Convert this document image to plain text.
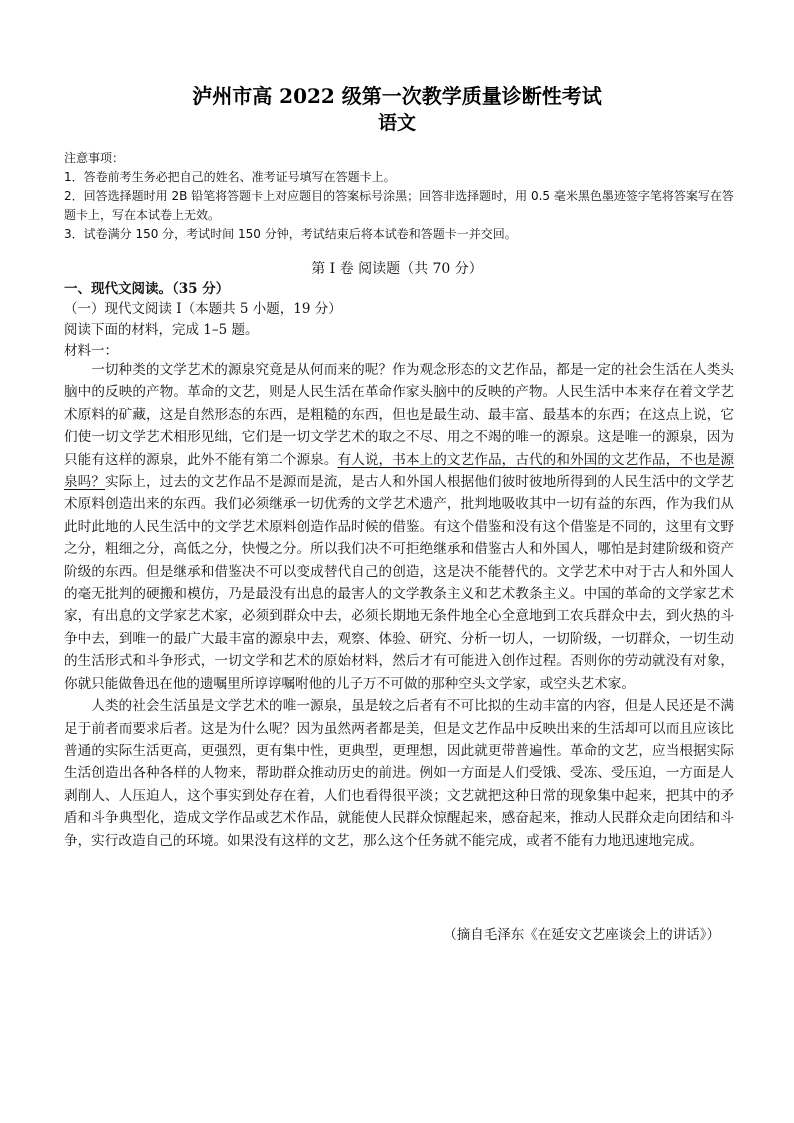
泸州市高 2022 级第一次教学质量诊断性考试
语文

注意事项：

1．答卷前考生务必把自己的姓名、准考证号填写在答题卡上。

2．回答选择题时用 2B 铅笔将答题卡上对应题目的答案标号涂黑；回答非选择题时，用 0.5 毫米黑色墨迹签字笔将答案写在答题卡上，写在本试卷上无效。

3．试卷满分 150 分，考试时间 150 分钟，考试结束后将本试卷和答题卡一并交回。

第 I 卷 阅读题（共 70 分）
一、现代文阅读。（35 分）
（一）现代文阅读 I（本题共 5 小题，19 分）
阅读下面的材料，完成 1–5 题。
材料一：

一切种类的文学艺术的源泉究竟是从何而来的呢？作为观念形态的文艺作品，都是一定的社会生活在人类头脑中的反映的产物。革命的文艺，则是人民生活在革命作家头脑中的反映的产物。人民生活中本来存在着文学艺术原料的矿藏，这是自然形态的东西，是粗糙的东西，但也是最生动、最丰富、最基本的东西；在这点上说，它们使一切文学艺术相形见绌，它们是一切文学艺术的取之不尽、用之不竭的唯一的源泉。这是唯一的源泉，因为只能有这样的源泉，此外不能有第二个源泉。有人说，书本上的文艺作品，古代的和外国的文艺作品，不也是源泉吗？实际上，过去的文艺作品不是源而是流，是古人和外国人根据他们彼时彼地所得到的人民生活中的文学艺术原料创造出来的东西。我们必须继承一切优秀的文学艺术遗产，批判地吸收其中一切有益的东西，作为我们从此时此地的人民生活中的文学艺术原料创造作品时候的借鉴。有这个借鉴和没有这个借鉴是不同的，这里有文野之分，粗细之分，高低之分，快慢之分。所以我们决不可拒绝继承和借鉴古人和外国人，哪怕是封建阶级和资产阶级的东西。但是继承和借鉴决不可以变成替代自己的创造，这是决不能替代的。文学艺术中对于古人和外国人的毫无批判的硬搬和模仿，乃是最没有出息的最害人的文学教条主义和艺术教条主义。中国的革命的文学家艺术家，有出息的文学家艺术家，必须到群众中去，必须长期地无条件地全心全意地到工农兵群众中去，到火热的斗争中去，到唯一的最广大最丰富的源泉中去，观察、体验、研究、分析一切人，一切阶级，一切群众，一切生动的生活形式和斗争形式，一切文学和艺术的原始材料，然后才有可能进入创作过程。否则你的劳动就没有对象，你就只能做鲁迅在他的遗嘱里所谆谆嘱咐他的儿子万不可做的那种空头文学家，或空头艺术家。

人类的社会生活虽是文学艺术的唯一源泉，虽是较之后者有不可比拟的生动丰富的内容，但是人民还是不满足于前者而要求后者。这是为什么呢？因为虽然两者都是美，但是文艺作品中反映出来的生活却可以而且应该比普通的实际生活更高，更强烈，更有集中性，更典型，更理想，因此就更带普遍性。革命的文艺，应当根据实际生活创造出各种各样的人物来，帮助群众推动历史的前进。例如一方面是人们受饿、受冻、受压迫，一方面是人剥削人、人压迫人，这个事实到处存在着，人们也看得很平淡；文艺就把这种日常的现象集中起来，把其中的矛盾和斗争典型化，造成文学作品或艺术作品，就能使人民群众惊醒起来，感奋起来，推动人民群众走向团结和斗争，实行改造自己的环境。如果没有这样的文艺，那么这个任务就不能完成，或者不能有力地迅速地完成。

（摘自毛泽东《在延安文艺座谈会上的讲话》）
